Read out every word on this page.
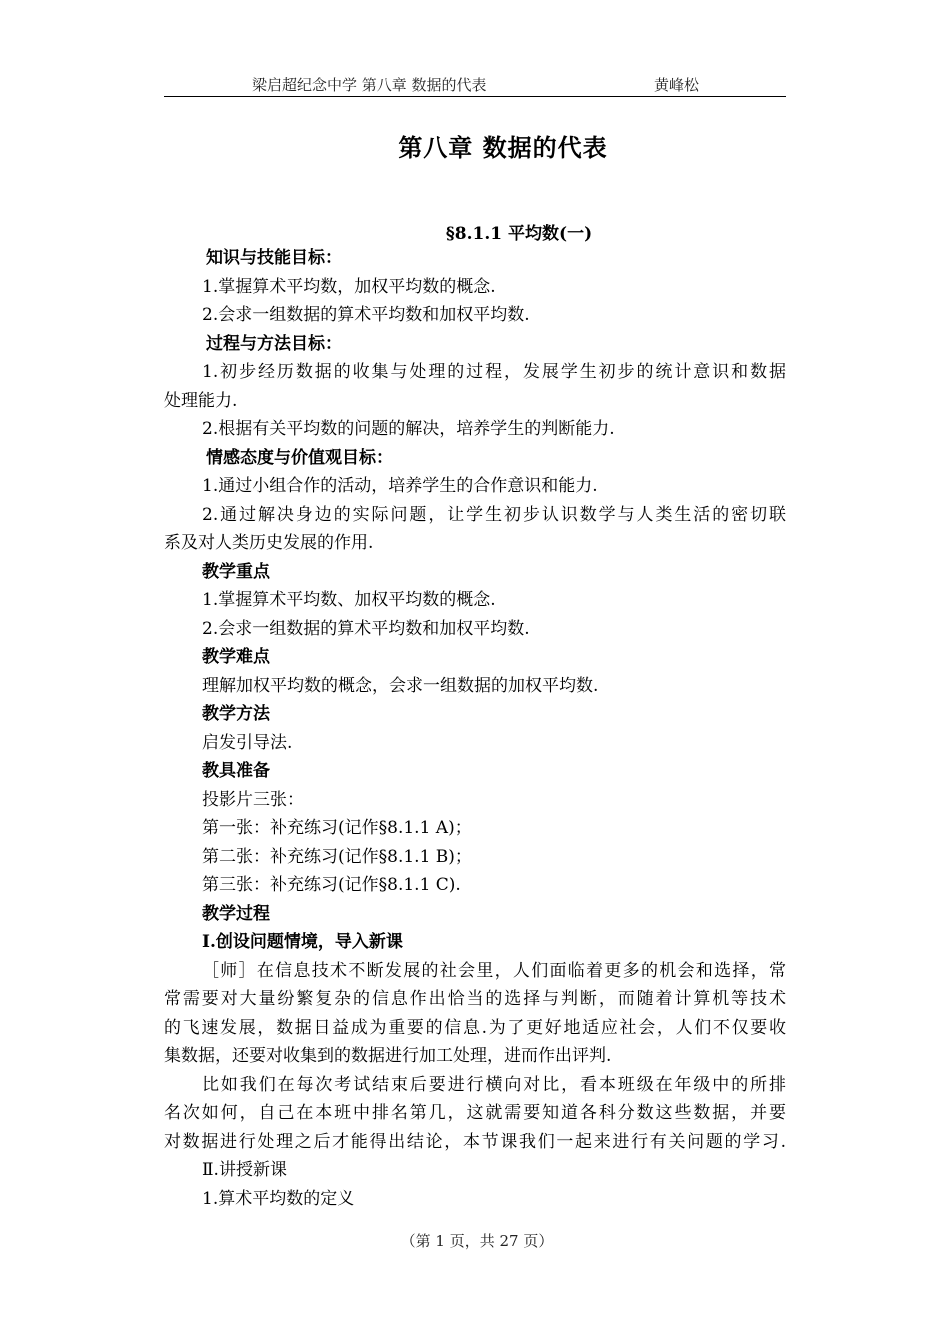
梁启超纪念中学 第八章 数据的代表	黄峰松
第八章 数据的代表
§8.1.1 平均数(一)
知识与技能目标：
1.掌握算术平均数，加权平均数的概念.
2.会求一组数据的算术平均数和加权平均数.
过程与方法目标：
1.初步经历数据的收集与处理的过程，发展学生初步的统计意识和数据
处理能力.
2.根据有关平均数的问题的解决，培养学生的判断能力.
情感态度与价值观目标：
1.通过小组合作的活动，培养学生的合作意识和能力.
2.通过解决身边的实际问题，让学生初步认识数学与人类生活的密切联
系及对人类历史发展的作用.
教学重点
1.掌握算术平均数、加权平均数的概念.
2.会求一组数据的算术平均数和加权平均数.
教学难点
理解加权平均数的概念，会求一组数据的加权平均数.
教学方法
启发引导法.
教具准备
投影片三张：
第一张：补充练习(记作§8.1.1 A)；
第二张：补充练习(记作§8.1.1 B)；
第三张：补充练习(记作§8.1.1 C).
教学过程
Ⅰ.创设问题情境，导入新课
［师］在信息技术不断发展的社会里，人们面临着更多的机会和选择，常
常需要对大量纷繁复杂的信息作出恰当的选择与判断，而随着计算机等技术
的飞速发展，数据日益成为重要的信息.为了更好地适应社会，人们不仅要收
集数据，还要对收集到的数据进行加工处理，进而作出评判.
比如我们在每次考试结束后要进行横向对比，看本班级在年级中的所排
名次如何，自己在本班中排名第几，这就需要知道各科分数这些数据，并要
对数据进行处理之后才能得出结论，本节课我们一起来进行有关问题的学习.
Ⅱ.讲授新课
1.算术平均数的定义
（第 1 页，共 27 页）
